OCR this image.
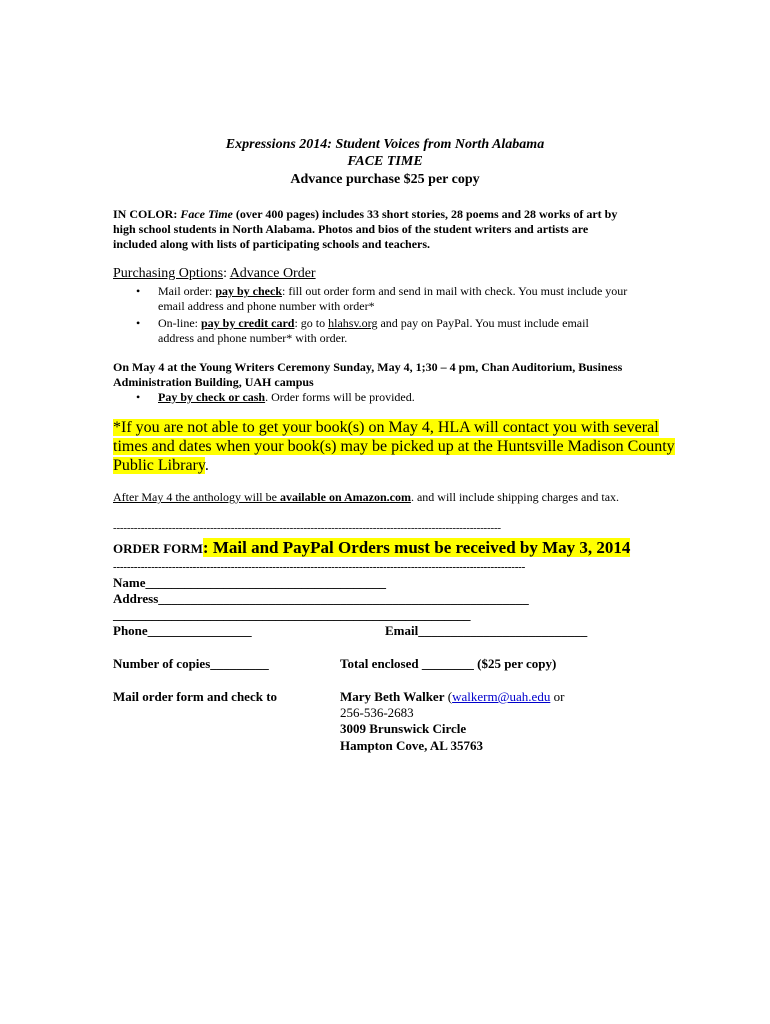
Expressions 2014: Student Voices from North Alabama
FACE TIME
Advance purchase $25 per copy
IN COLOR: Face Time (over 400 pages) includes 33 short stories, 28 poems and 28 works of art by
high school students in North Alabama. Photos and bios of the student writers and artists are
included along with lists of participating schools and teachers.
Purchasing Options: Advance Order
• Mail order: pay by check: fill out order form and send in mail with check. You must include your
email address and phone number with order*
• On-line: pay by credit card: go to hlahsv.org and pay on PayPal. You must include email
address and phone number* with order.
On May 4 at the Young Writers Ceremony Sunday, May 4, 1;30 – 4 pm, Chan Auditorium, Business
Administration Building, UAH campus
• Pay by check or cash. Order forms will be provided.
*If you are not able to get your book(s) on May 4, HLA will contact you with several
times and dates when your book(s) may be picked up at the Huntsville Madison County
Public Library.
After May 4 the anthology will be available on Amazon.com. and will include shipping charges and tax.
----------------------------------------------------------------------------------------------------------------
ORDER FORM: Mail and PayPal Orders must be received by May 3, 2014
-----------------------------------------------------------------------------------------------------------------------
Name_____________________________________
Address_________________________________________________________
_______________________________________________________
Phone________________	Email__________________________
Number of copies_________	Total enclosed ________ ($25 per copy)
Mail order form and check to	Mary Beth Walker (walkerm@uah.edu or
256-536-2683
3009 Brunswick Circle
Hampton Cove, AL 35763
